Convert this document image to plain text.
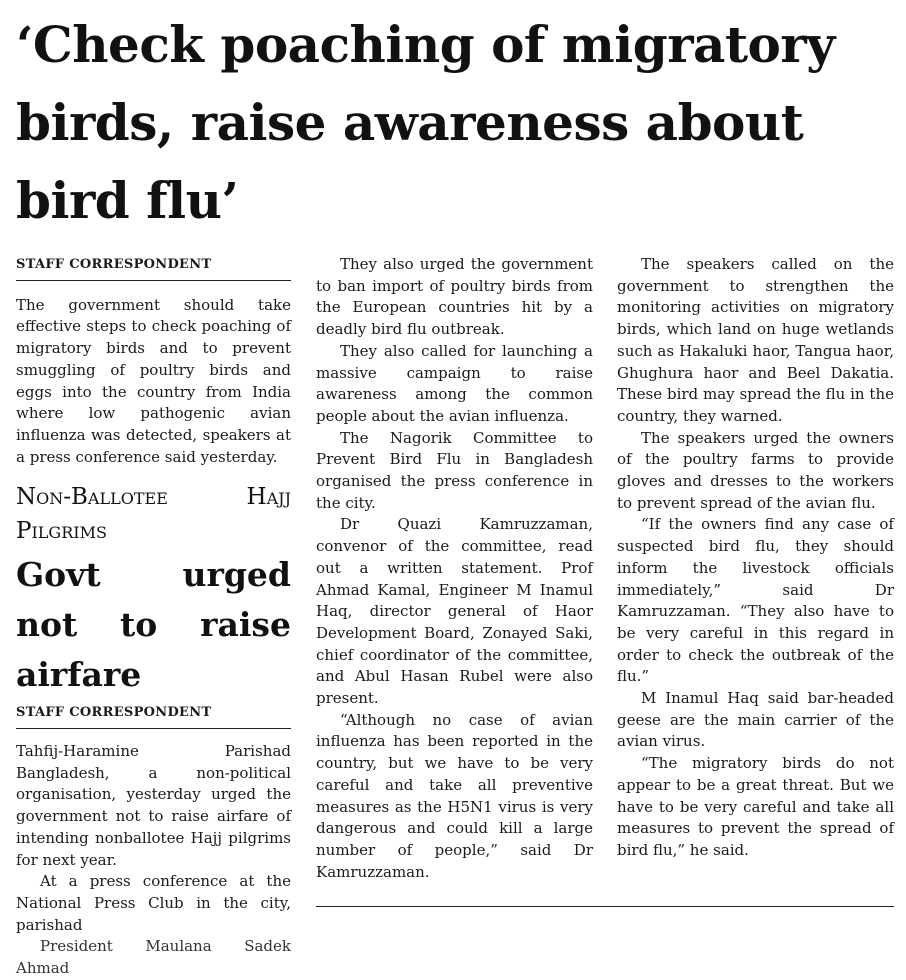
‘Check poaching of migratory birds, raise awareness about bird flu’
STAFF CORRESPONDENT

The government should take effective steps to check poaching of migratory birds and to prevent smuggling of poultry birds and eggs into the country from India where low pathogenic avian influenza was detected, speakers at a press conference said yesterday.

Non-Ballotee Hajj Pilgrims
Govt urged not to raise airfare
STAFF CORRESPONDENT

Tahfij-Haramine Parishad Bangladesh, a non-political organisation, yesterday urged the government not to raise airfare of intending nonballotee Hajj pilgrims for next year.

At a press conference at the National Press Club in the city, parishad

President Maulana Sadek Ahmad

They also urged the government to ban import of poultry birds from the European countries hit by a deadly bird flu outbreak.

They also called for launching a massive campaign to raise awareness among the common people about the avian influenza.

The Nagorik Committee to Prevent Bird Flu in Bangladesh organised the press conference in the city.

Dr Quazi Kamruzzaman, convenor of the committee, read out a written statement. Prof Ahmad Kamal, Engineer M Inamul Haq, director general of Haor Development Board, Zonayed Saki, chief coordinator of the committee, and Abul Hasan Rubel were also present.

“Although no case of avian influenza has been reported in the country, but we have to be very careful and take all preventive measures as the H5N1 virus is very dangerous and could kill a large number of people,” said Dr Kamruzzaman.

The speakers called on the government to strengthen the monitoring activities on migratory birds, which land on huge wetlands such as Hakaluki haor, Tangua haor, Ghughura haor and Beel Dakatia. These bird may spread the flu in the country, they warned.

The speakers urged the owners of the poultry farms to provide gloves and dresses to the workers to prevent spread of the avian flu.

“If the owners find any case of suspected bird flu, they should inform the livestock officials immediately,” said Dr Kamruzzaman. “They also have to be very careful in this regard in order to check the outbreak of the flu.”

M Inamul Haq said bar-headed geese are the main carrier of the avian virus.

“The migratory birds do not appear to be a great threat. But we have to be very careful and take all measures to prevent the spread of bird flu,” he said.
